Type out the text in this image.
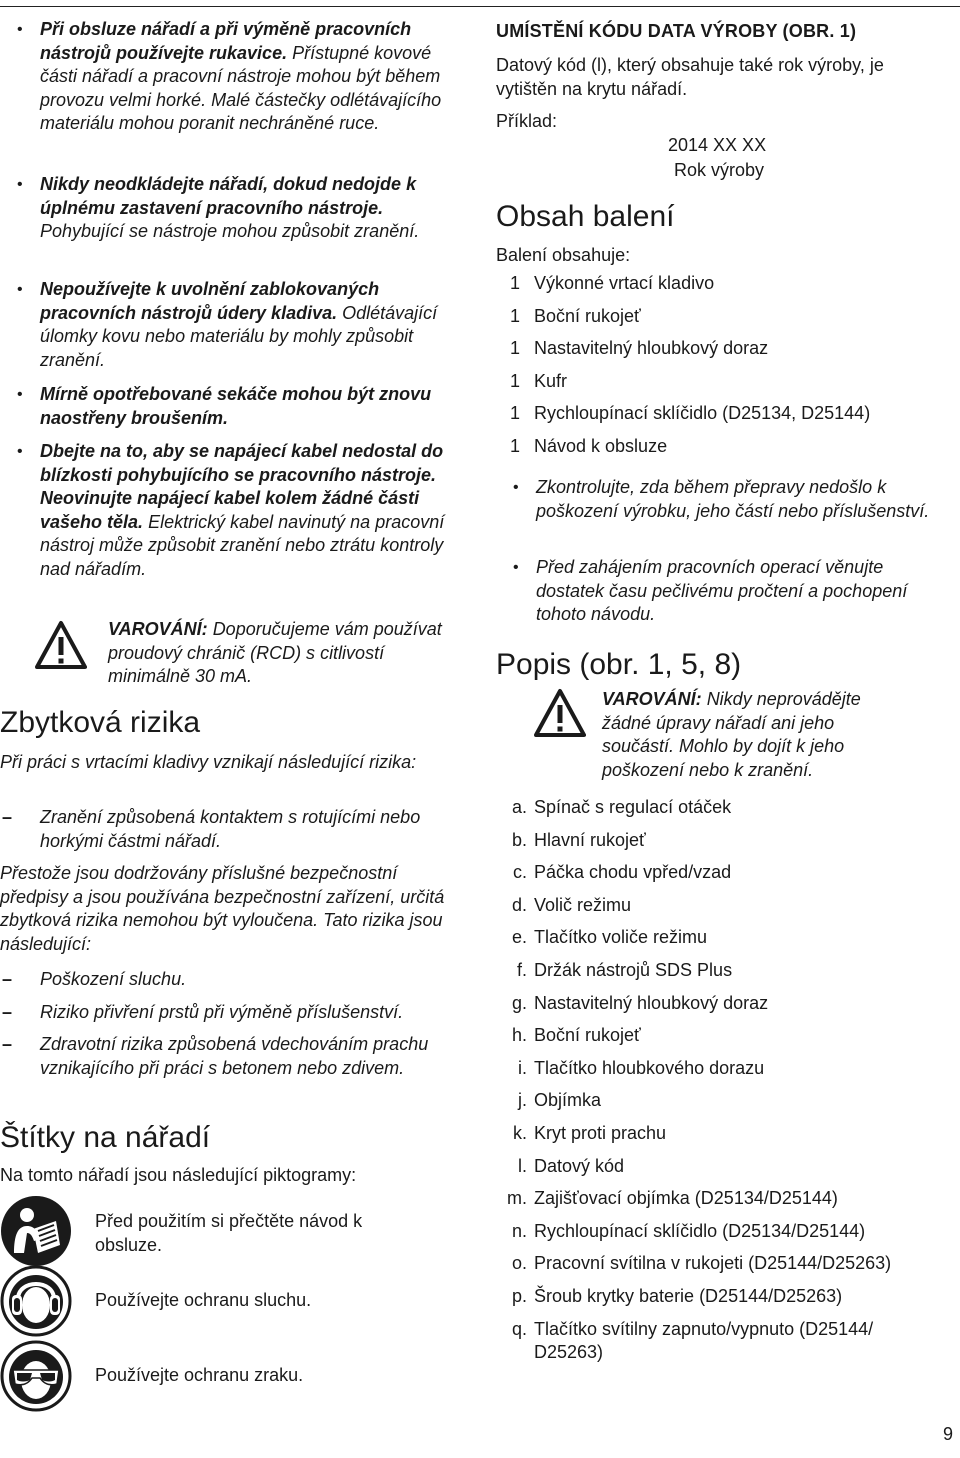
• Při obsluze nářadí a při výměně pracovních nástrojů používejte rukavice. Přístupné kovové části nářadí a pracovní nástroje mohou být během provozu velmi horké. Malé částečky odlétávajícího materiálu mohou poranit nechráněné ruce.
• Nikdy neodkládejte nářadí, dokud nedojde k úplnému zastavení pracovního nástroje. Pohybující se nástroje mohou způsobit zranění.
• Nepoužívejte k uvolnění zablokovaných pracovních nástrojů údery kladiva. Odlétávající úlomky kovu nebo materiálu by mohly způsobit zranění.
• Mírně opotřebované sekáče mohou být znovu naostřeny broušením.
• Dbejte na to, aby se napájecí kabel nedostal do blízkosti pohybujícího se pracovního nástroje. Neovinujte napájecí kabel kolem žádné části vašeho těla. Elektrický kabel navinutý na pracovní nástroj může způsobit zranění nebo ztrátu kontroly nad nářadím.

VAROVÁNÍ: Doporučujeme vám používat proudový chránič (RCD) s citlivostí minimálně 30 mA.

Zbytková rizika

Při práci s vrtacími kladivy vznikají následující rizika:

– Zranění způsobená kontaktem s rotujícími nebo horkými částmi nářadí.

Přestože jsou dodržovány příslušné bezpečnostní předpisy a jsou používána bezpečnostní zařízení, určitá zbytková rizika nemohou být vyloučena. Tato rizika jsou následující:

– Poškození sluchu.
– Riziko přivření prstů při výměně příslušenství.
– Zdravotní rizika způsobená vdechováním prachu vznikajícího při práci s betonem nebo zdivem.
Štítky na nářadí

Na tomto nářadí jsou následující piktogramy:

Před použitím si přečtěte návod k obsluze.

Používejte ochranu sluchu.

Používejte ochranu zraku.

UMÍSTĚNÍ KÓDU DATA VÝROBY (OBR. 1)

Datový kód (l), který obsahuje také rok výroby, je vytištěn na krytu nářadí.

Příklad:

2014 XX XX

Rok výroby

Obsah balení

Balení obsahuje:

1 Výkonné vrtací kladivo
1 Boční rukojeť
1 Nastavitelný hloubkový doraz
1 Kufr
1 Rychloupínací sklíčidlo (D25134, D25144)
1 Návod k obsluze
• Zkontrolujte, zda během přepravy nedošlo k poškození výrobku, jeho částí nebo příslušenství.
• Před zahájením pracovních operací věnujte dostatek času pečlivému pročtení a pochopení tohoto návodu.
Popis (obr. 1, 5, 8)

VAROVÁNÍ: Nikdy neprovádějte žádné úpravy nářadí ani jeho součástí. Mohlo by dojít k jeho poškození nebo k zranění.

a. Spínač s regulací otáček
b. Hlavní rukojeť
c. Páčka chodu vpřed/vzad
d. Volič režimu
e. Tlačítko voliče režimu
f. Držák nástrojů SDS Plus
g. Nastavitelný hloubkový doraz
h. Boční rukojeť
i. Tlačítko hloubkového dorazu
j. Objímka
k. Kryt proti prachu
l. Datový kód
m. Zajišťovací objímka (D25134/D25144)
n. Rychloupínací sklíčidlo (D25134/D25144)
o. Pracovní svítilna v rukojeti (D25144/D25263)
p. Šroub krytky baterie (D25144/D25263)
q. Tlačítko svítilny zapnuto/vypnuto (D25144/
D25263)
9
